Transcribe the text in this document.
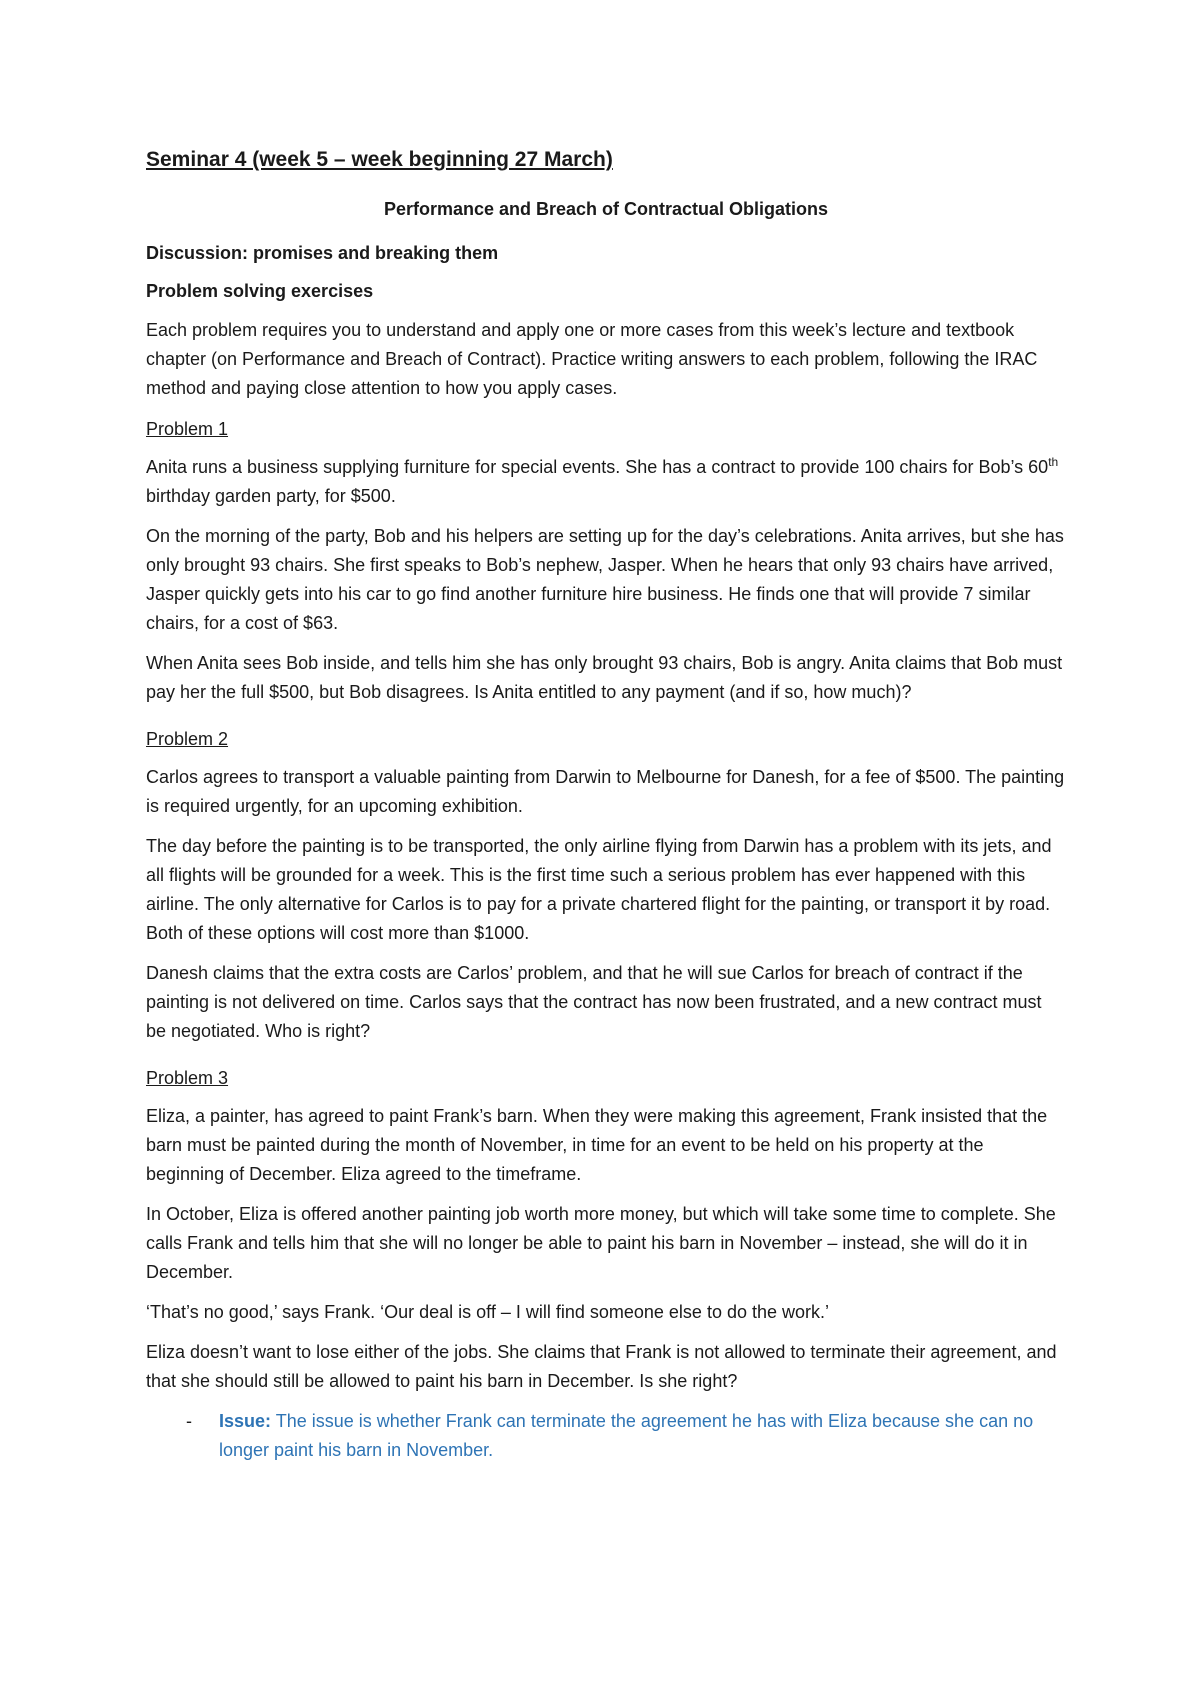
Seminar 4 (week 5 – week beginning 27 March)
Performance and Breach of Contractual Obligations
Discussion: promises and breaking them
Problem solving exercises

Each problem requires you to understand and apply one or more cases from this week’s lecture and textbook chapter (on Performance and Breach of Contract). Practice writing answers to each problem, following the IRAC method and paying close attention to how you apply cases.

Problem 1

Anita runs a business supplying furniture for special events. She has a contract to provide 100 chairs for Bob’s 60th birthday garden party, for $500.

On the morning of the party, Bob and his helpers are setting up for the day’s celebrations. Anita arrives, but she has only brought 93 chairs. She first speaks to Bob’s nephew, Jasper. When he hears that only 93 chairs have arrived, Jasper quickly gets into his car to go find another furniture hire business. He finds one that will provide 7 similar chairs, for a cost of $63.

When Anita sees Bob inside, and tells him she has only brought 93 chairs, Bob is angry. Anita claims that Bob must pay her the full $500, but Bob disagrees. Is Anita entitled to any payment (and if so, how much)?

Problem 2

Carlos agrees to transport a valuable painting from Darwin to Melbourne for Danesh, for a fee of $500. The painting is required urgently, for an upcoming exhibition.

The day before the painting is to be transported, the only airline flying from Darwin has a problem with its jets, and all flights will be grounded for a week. This is the first time such a serious problem has ever happened with this airline. The only alternative for Carlos is to pay for a private chartered flight for the painting, or transport it by road. Both of these options will cost more than $1000.

Danesh claims that the extra costs are Carlos’ problem, and that he will sue Carlos for breach of contract if the painting is not delivered on time. Carlos says that the contract has now been frustrated, and a new contract must be negotiated. Who is right?

Problem 3

Eliza, a painter, has agreed to paint Frank’s barn. When they were making this agreement, Frank insisted that the barn must be painted during the month of November, in time for an event to be held on his property at the beginning of December. Eliza agreed to the timeframe.

In October, Eliza is offered another painting job worth more money, but which will take some time to complete. She calls Frank and tells him that she will no longer be able to paint his barn in November – instead, she will do it in December.

‘That’s no good,’ says Frank. ‘Our deal is off – I will find someone else to do the work.’

Eliza doesn’t want to lose either of the jobs. She claims that Frank is not allowed to terminate their agreement, and that she should still be allowed to paint his barn in December. Is she right?

- Issue: The issue is whether Frank can terminate the agreement he has with Eliza because she can no longer paint his barn in November.
